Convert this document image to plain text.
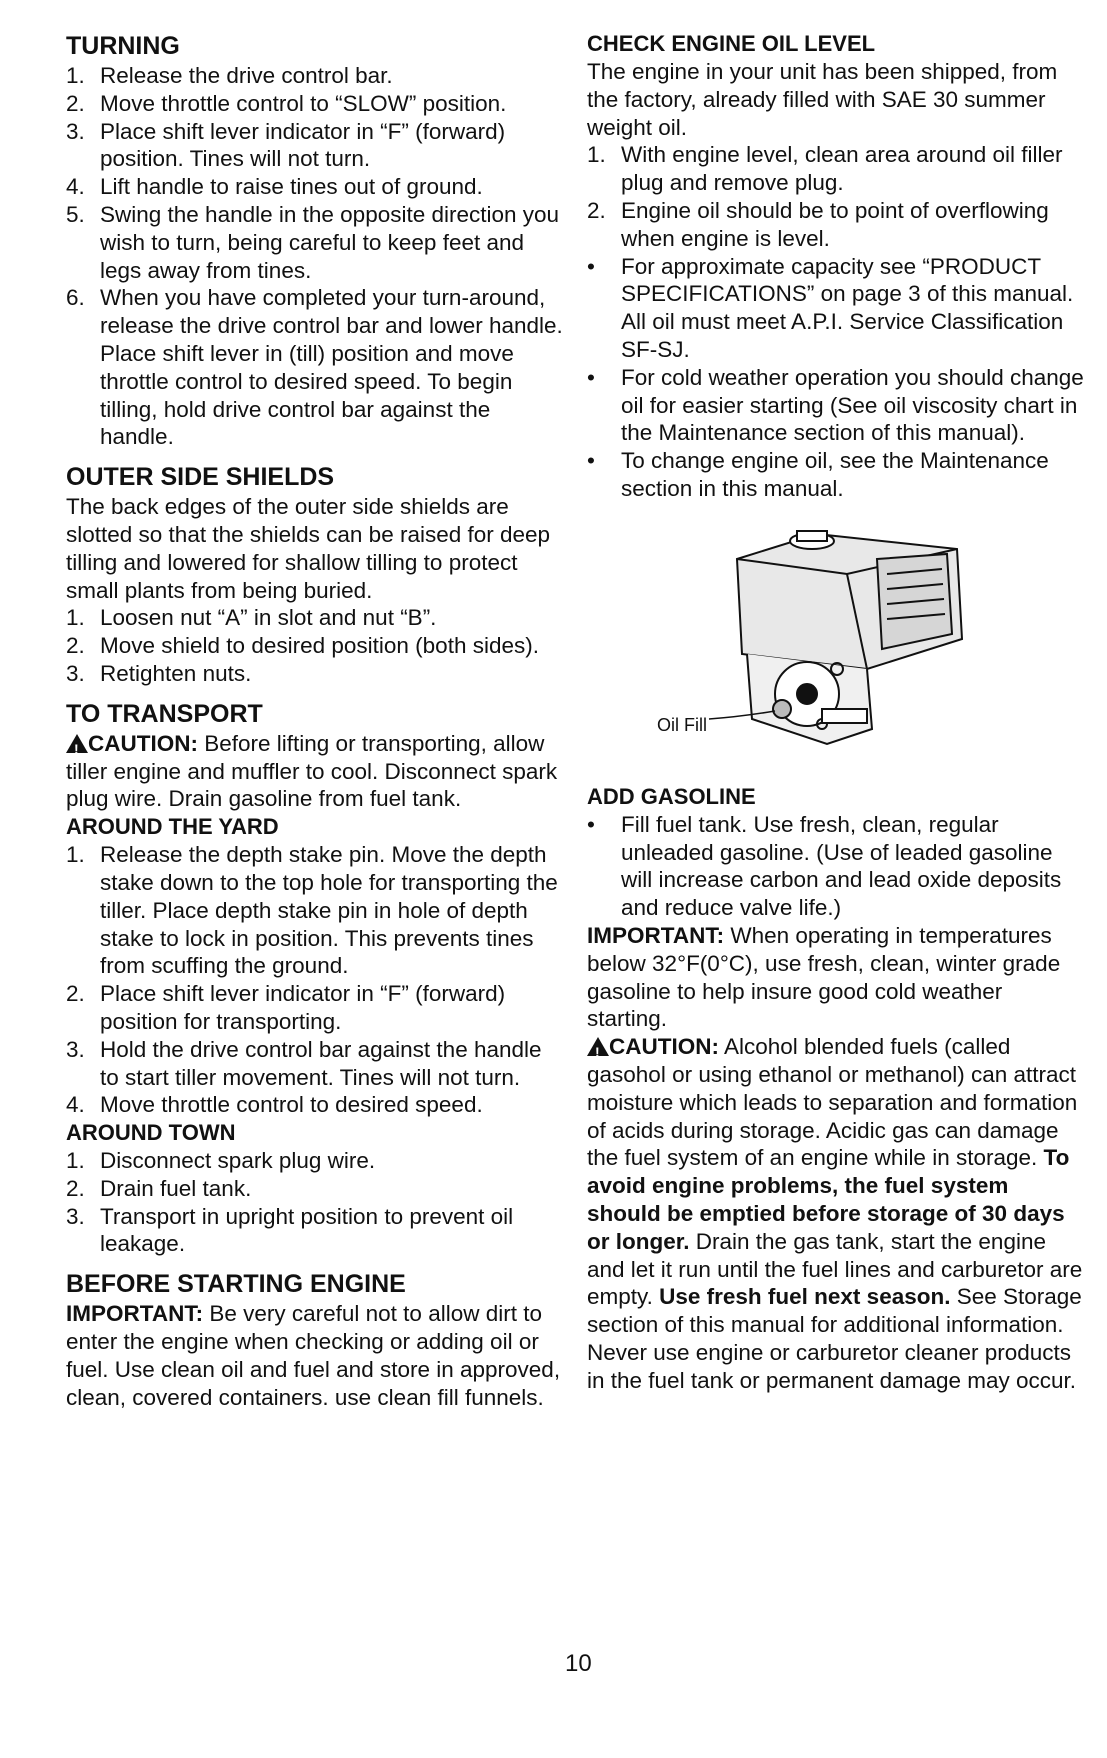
TURNING
1. Release the drive control bar.
2. Move throttle control to “SLOW” position.
3. Place shift lever indicator in “F” (forward) position. Tines will not turn.
4. Lift handle to raise tines out of ground.
5. Swing the handle in the opposite direction you wish to turn, being careful to keep feet and legs away from tines.
6. When you have completed your turn-around, release the drive control bar and lower handle. Place shift lever in (till) position and move throttle control to desired speed. To begin tilling, hold drive control bar against the handle.
OUTER SIDE SHIELDS

The back edges of the outer side shields are slotted so that the shields can be raised for deep tilling and lowered for shallow tilling to protect small plants from being buried.

1. Loosen nut “A” in slot and nut “B”.
2. Move shield to desired position (both sides).
3. Retighten nuts.
TO TRANSPORT

!CAUTION: Before lifting or transporting, allow tiller engine and muffler to cool. Disconnect spark plug wire. Drain gasoline from fuel tank.

AROUND THE YARD
1. Release the depth stake pin. Move the depth stake down to the top hole for transporting the tiller. Place depth stake pin in hole of depth stake to lock in position. This prevents tines from scuffing the ground.
2. Place shift lever indicator in “F” (forward) position for transporting.
3. Hold the drive control bar against the handle to start tiller movement. Tines will not turn.
4. Move throttle control to desired speed.
AROUND TOWN
1. Disconnect spark plug wire.
2. Drain fuel tank.
3. Transport in upright position to prevent oil leakage.
BEFORE STARTING ENGINE

IMPORTANT: Be very careful not to allow dirt to enter the engine when checking or adding oil or fuel. Use clean oil and fuel and store in approved, clean, covered containers. use clean fill funnels.

CHECK ENGINE OIL LEVEL

The engine in your unit has been shipped, from the factory, already filled with SAE 30 summer weight oil.

1. With engine level, clean area around oil filler plug and remove plug.
2. Engine oil should be to point of overflowing when engine is level.
• For approximate capacity see “PRODUCT SPECIFICATIONS” on page 3 of this manual. All oil must meet A.P.I. Service Classification SF-SJ.
• For cold weather operation you should change oil for easier starting (See oil viscosity chart in the Maintenance section of this manual).
• To change engine oil, see the Maintenance section in this manual.
Oil Fill
ADD GASOLINE
• Fill fuel tank. Use fresh, clean, regular unleaded gasoline. (Use of leaded gasoline will increase carbon and lead oxide deposits and reduce valve life.)

IMPORTANT: When operating in temperatures below 32°F(0°C), use fresh, clean, winter grade gasoline to help insure good cold weather starting.

!CAUTION: Alcohol blended fuels (called gasohol or using ethanol or methanol) can attract moisture which leads to separation and formation of acids during storage. Acidic gas can damage the fuel system of an engine while in storage. To avoid engine problems, the fuel system should be emptied before storage of 30 days or longer. Drain the gas tank, start the engine and let it run until the fuel lines and carburetor are empty. Use fresh fuel next season. See Storage section of this manual for additional information. Never use engine or carburetor cleaner products in the fuel tank or permanent damage may occur.

10
